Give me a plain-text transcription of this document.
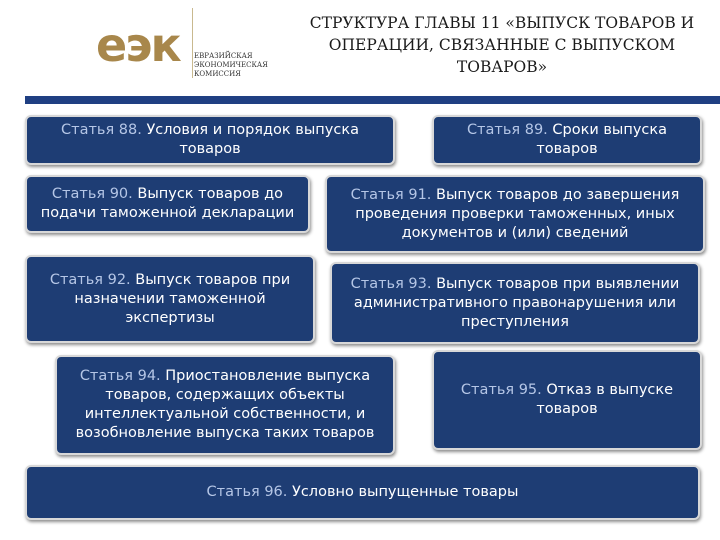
еэк ЕВРАЗИЙСКАЯ
ЭКОНОМИЧЕСКАЯ
КОМИССИЯ
СТРУКТУРА ГЛАВЫ 11 «ВЫПУСК ТОВАРОВ И ОПЕРАЦИИ, СВЯЗАННЫЕ С ВЫПУСКОМ ТОВАРОВ»
Статья 88. Условия и порядок выпуска товаров
Статья 89. Сроки выпуска товаров
Статья 90. Выпуск товаров до подачи таможенной декларации
Статья 91. Выпуск товаров до завершения проведения проверки таможенных, иных документов и (или) сведений
Статья 92. Выпуск товаров при назначении таможенной экспертизы
Статья 93. Выпуск товаров при выявлении административного правонарушения или преступления
Статья 94. Приостановление выпуска товаров, содержащих объекты интеллектуальной собственности, и возобновление выпуска таких товаров
Статья 95. Отказ в выпуске товаров
Статья 96. Условно выпущенные товары
